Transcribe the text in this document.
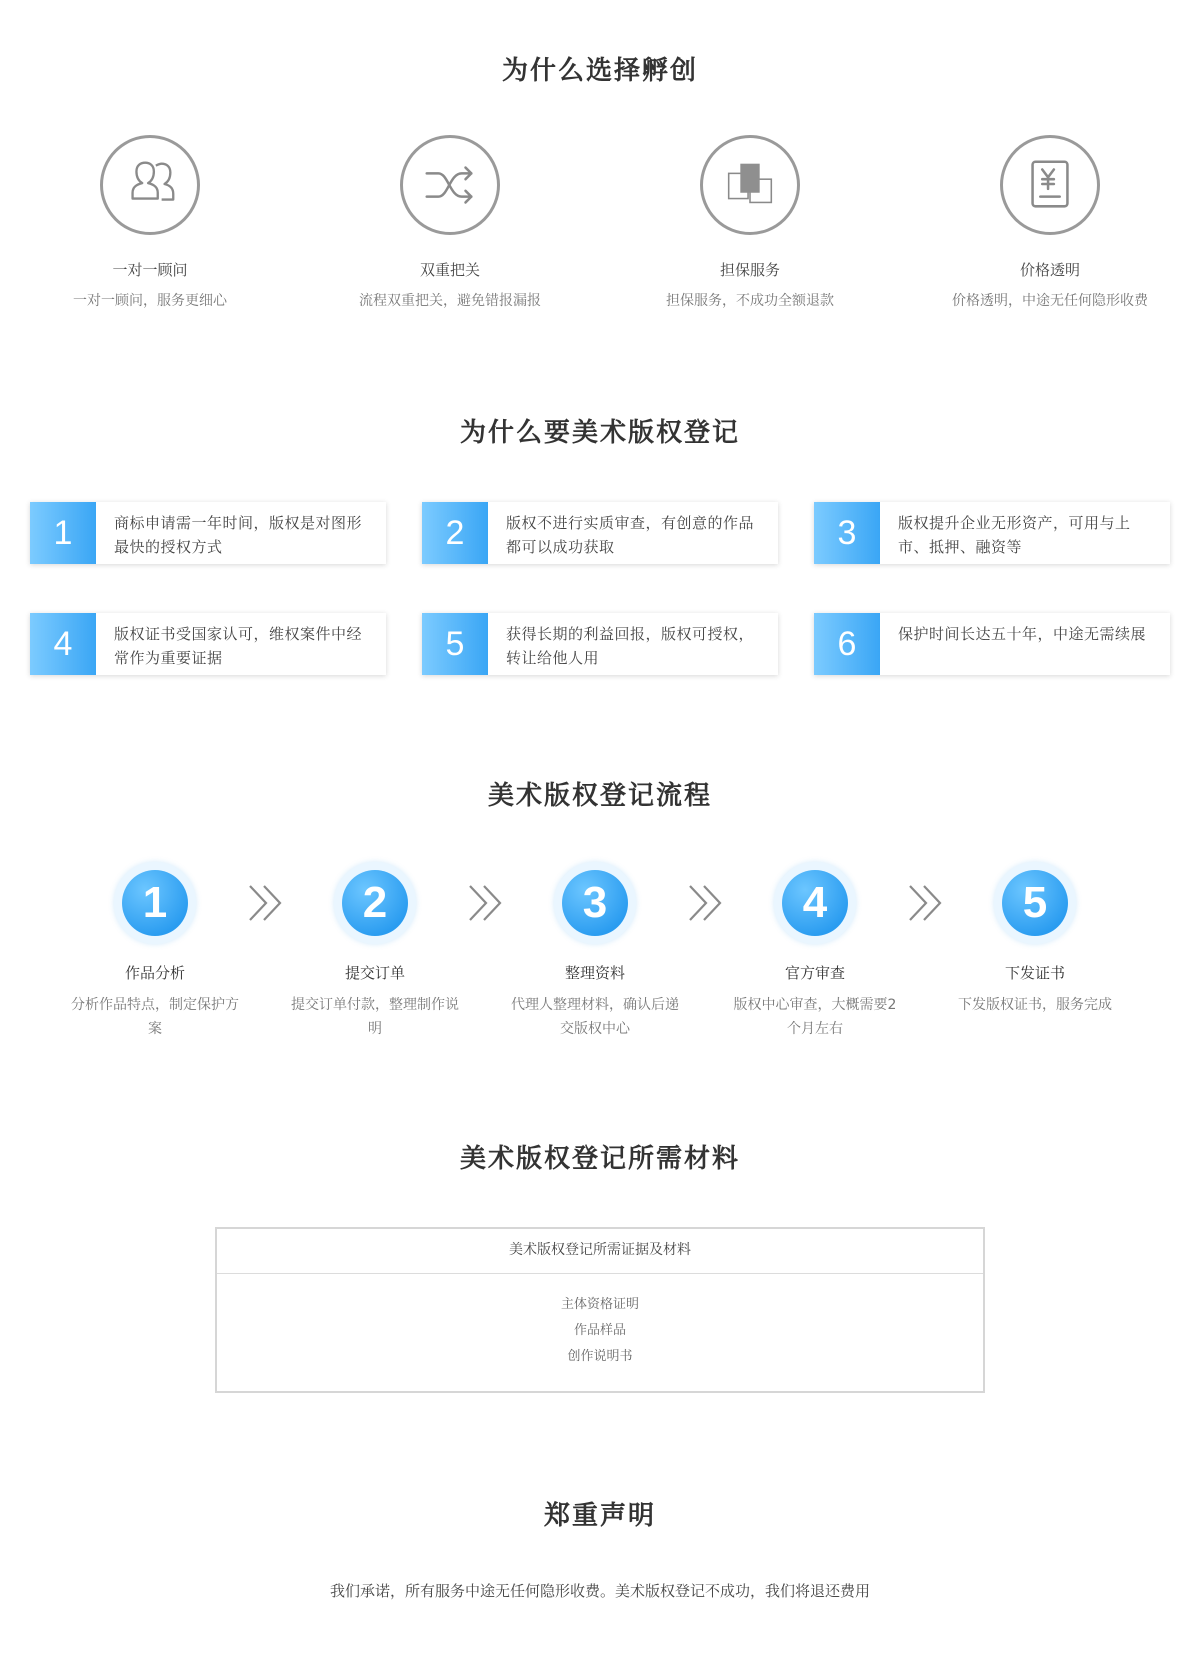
为什么选择孵创
一对一顾问
一对一顾问，服务更细心
双重把关
流程双重把关，避免错报漏报
担保服务
担保服务，不成功全额退款
价格透明
价格透明，中途无任何隐形收费
为什么要美术版权登记
1	商标申请需一年时间，版权是对图形最快的授权方式	2	版权不进行实质审查，有创意的作品都可以成功获取	3	版权提升企业无形资产，可用与上市、抵押、融资等
4	版权证书受国家认可，维权案件中经常作为重要证据	5	获得长期的利益回报，版权可授权，转让给他人用	6	保护时间长达五十年，中途无需续展
美术版权登记流程
1
作品分析
分析作品特点，制定保护方案
2
提交订单
提交订单付款，整理制作说明
3
整理资料
代理人整理材料，确认后递交版权中心
4
官方审查
版权中心审查，大概需要2个月左右
5
下发证书
下发版权证书，服务完成
美术版权登记所需材料
美术版权登记所需证据及材料
主体资格证明
作品样品
创作说明书
郑重声明

我们承诺，所有服务中途无任何隐形收费。美术版权登记不成功，我们将退还费用
